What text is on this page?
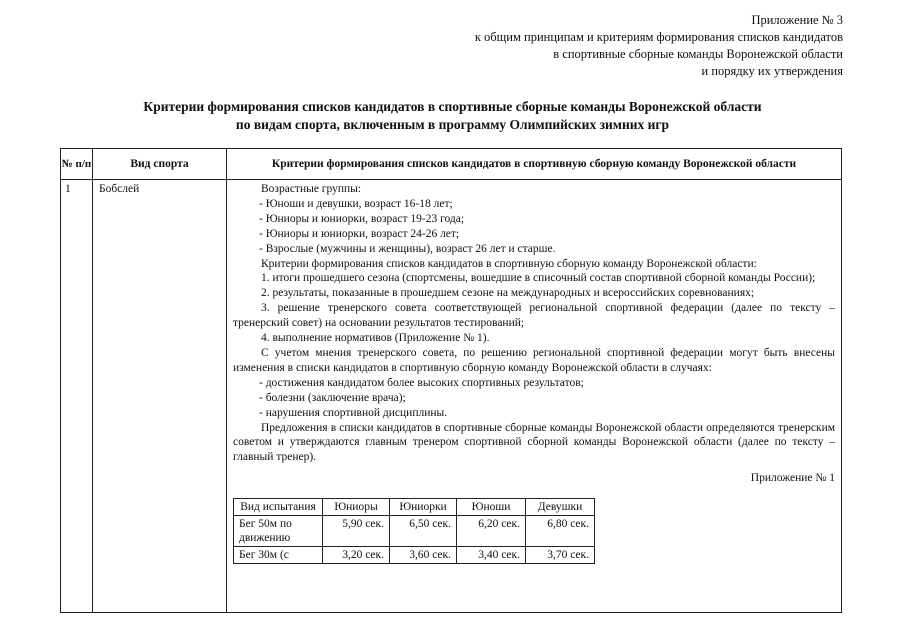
Приложение № 3
к общим принципам и критериям формирования списков кандидатов
в спортивные сборные команды Воронежской области
и порядку их утверждения
Критерии формирования списков кандидатов в спортивные сборные команды Воронежской области
по видам спорта, включенным в программу Олимпийских зимних игр
№ п/п	Вид спорта	Критерии формирования списков кандидатов в спортивную сборную команду Воронежской области
1	Бобслей	Возрастные группы:

- Юноши и девушки, возраст 16-18 лет;

- Юниоры и юниорки, возраст 19-23 года;

- Юниоры и юниорки, возраст 24-26 лет;

- Взрослые (мужчины и женщины), возраст 26 лет и старше.

Критерии формирования списков кандидатов в спортивную сборную команду Воронежской области:

1. итоги прошедшего сезона (спортсмены, вошедшие в списочный состав спортивной сборной команды России);

2. результаты, показанные в прошедшем сезоне на международных и всероссийских соревнованиях;

3. решение тренерского совета соответствующей региональной спортивной федерации (далее по тексту – тренерский совет) на основании результатов тестирований;

4. выполнение нормативов (Приложение № 1).

С учетом мнения тренерского совета, по решению региональной спортивной федерации могут быть внесены изменения в списки кандидатов в спортивную сборную команду Воронежской области в случаях:

- достижения кандидатом более высоких спортивных результатов;

- болезни (заключение врача);

- нарушения спортивной дисциплины.

Предложения в списки кандидатов в спортивные сборные команды Воронежской области определяются тренерским советом и утверждаются главным тренером спортивной сборной команды Воронежской области (далее по тексту – главный тренер).

Приложение № 1

Вид испытания	Юниоры	Юниорки	Юноши	Девушки
Бег 50м по движению	5,90 сек.	6,50 сек.	6,20 сек.	6,80 сек.
Бег 30м (с	3,20 сек.	3,60 сек.	3,40 сек.	3,70 сек.
